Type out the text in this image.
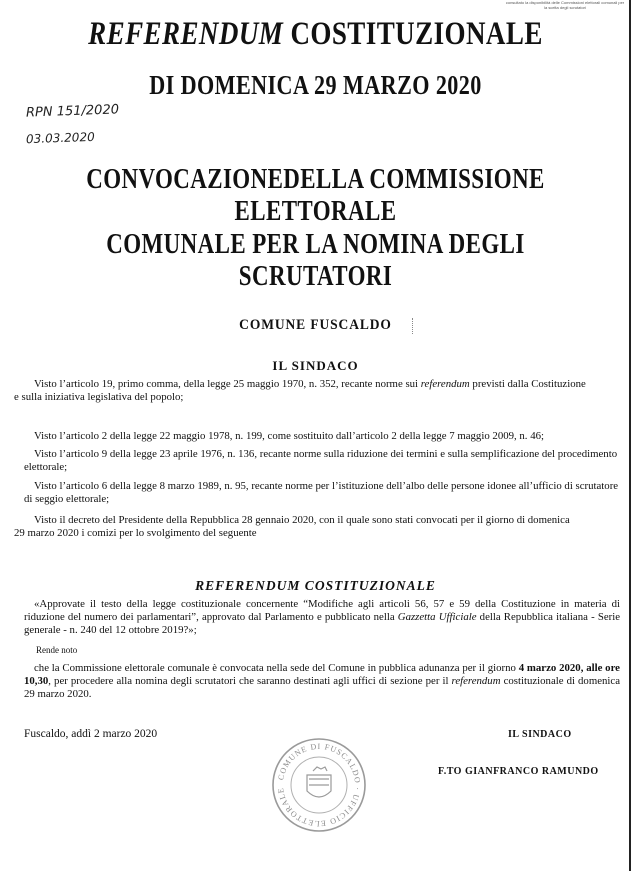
consultato la disponibilità delle Commissioni elettorali comunali per la scelta degli scrutatori
REFERENDUM COSTITUZIONALE
DI DOMENICA 29 MARZO 2020
RPN 151/2020
03.03.2020
CONVOCAZIONEDELLA COMMISSIONE ELETTORALE
COMUNALE PER LA NOMINA DEGLI SCRUTATORI
COMUNE FUSCALDO
IL SINDACO
Visto l’articolo 19, primo comma, della legge 25 maggio 1970, n. 352, recante norme sui referendum previsti dalla Costituzione
e sulla iniziativa legislativa del popolo;
Visto l’articolo 2 della legge 22 maggio 1978, n. 199, come sostituito dall’articolo 2 della legge 7 maggio 2009, n. 46;
Visto l’articolo 9 della legge 23 aprile 1976, n. 136, recante norme sulla riduzione dei termini e sulla semplificazione del procedimento elettorale;
Visto l’articolo 6 della legge 8 marzo 1989, n. 95, recante norme per l’istituzione dell’albo delle persone idonee all’ufficio di scrutatore di seggio elettorale;
Visto il decreto del Presidente della Repubblica 28 gennaio 2020, con il quale sono stati convocati per il giorno di domenica
29 marzo 2020 i comizi per lo svolgimento del seguente
REFERENDUM COSTITUZIONALE
«Approvate il testo della legge costituzionale concernente “Modifiche agli articoli 56, 57 e 59 della Costituzione in materia di riduzione del numero dei parlamentari”, approvato dal Parlamento e pubblicato nella Gazzetta Ufficiale della Repubblica italiana - Serie generale - n. 240 del 12 ottobre 2019?»;
Rende noto
che la Commissione elettorale comunale è convocata nella sede del Comune in pubblica adunanza per il giorno 4 marzo 2020, alle ore 10,30, per procedere alla nomina degli scrutatori che saranno destinati agli uffici di sezione per il referendum costituzionale di domenica 29 marzo 2020.
Fuscaldo, addì 2 marzo 2020	IL SINDACO
F.TO GIANFRANCO RAMUNDO
COMUNE DI FUSCALDO · UFFICIO ELETTORALE
